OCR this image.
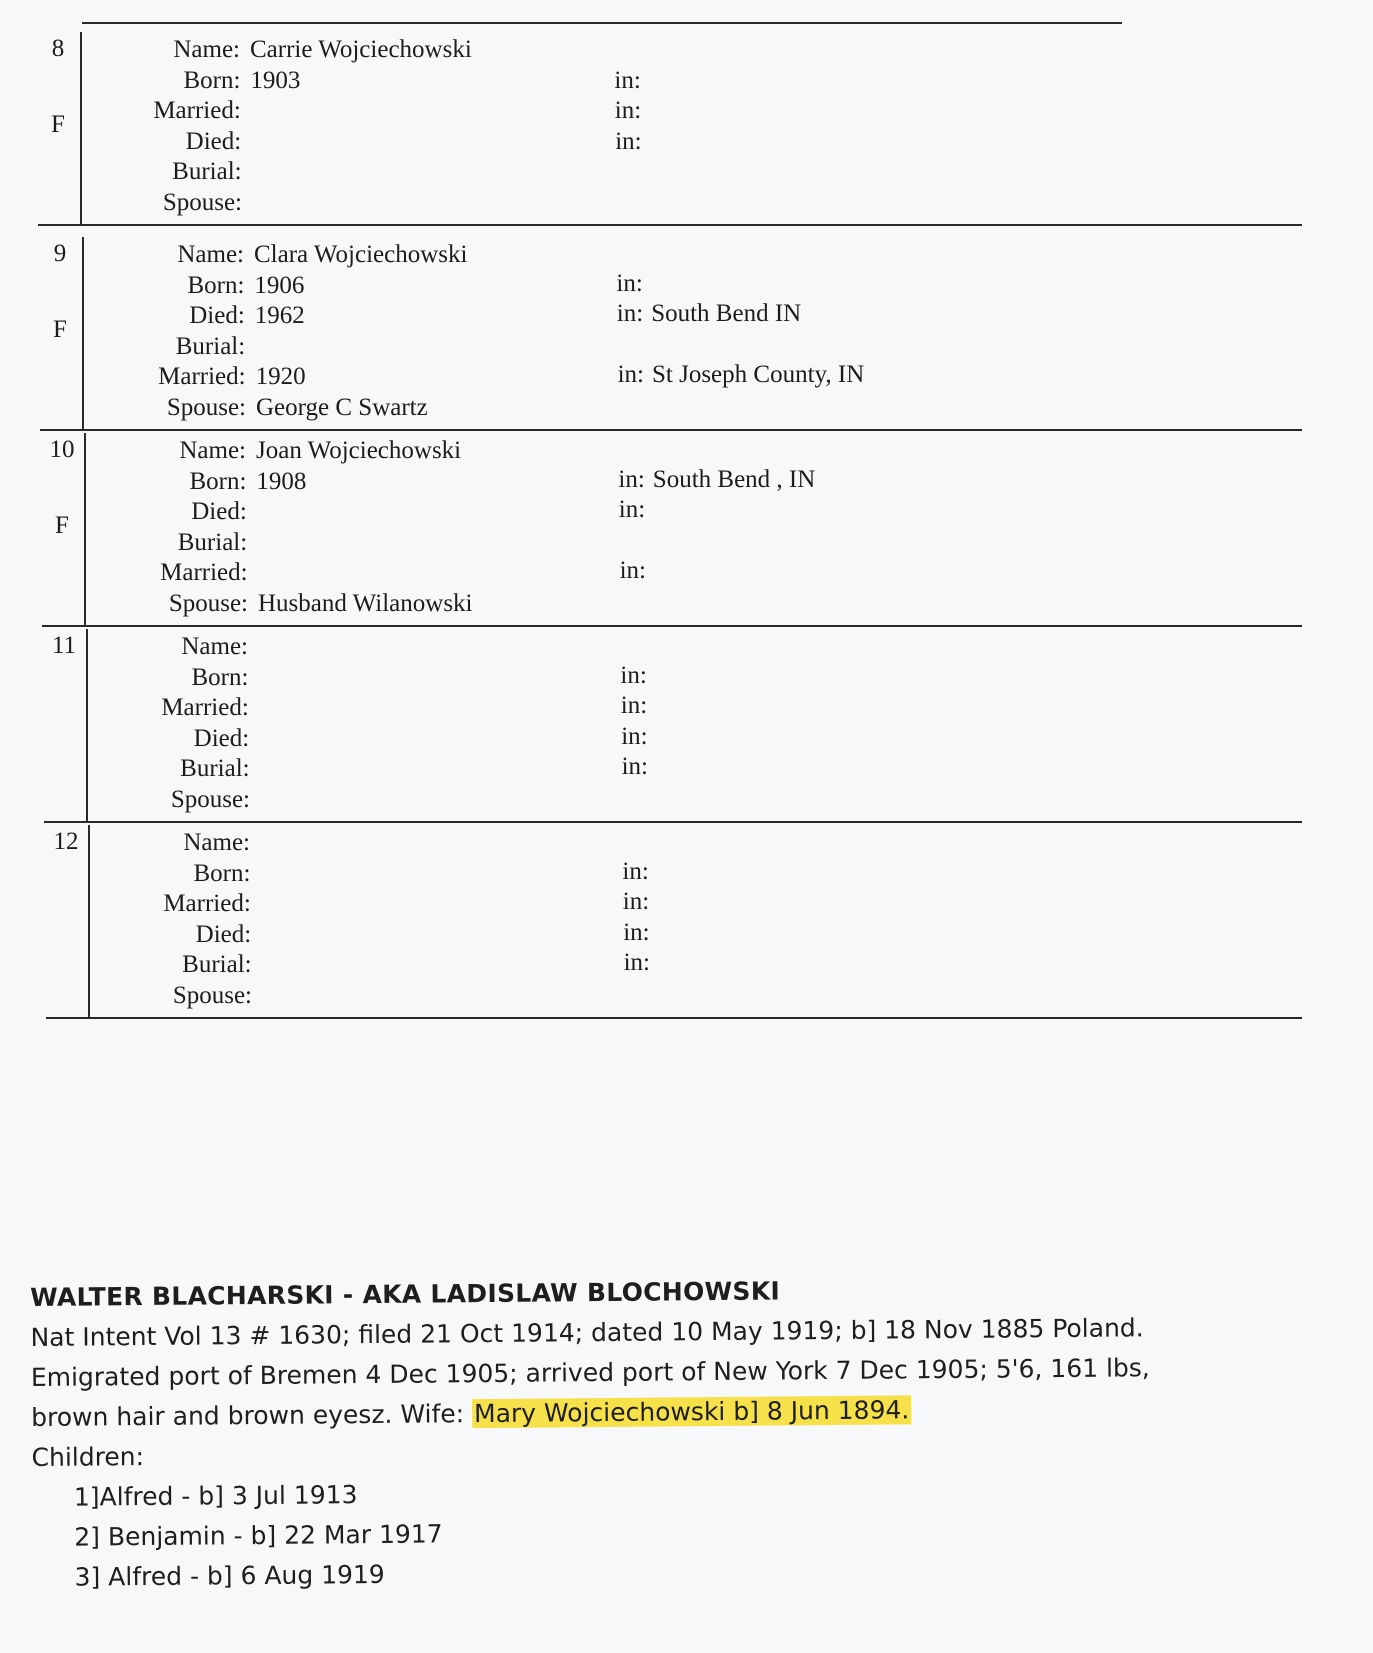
8
F
Name: Carrie Wojciechowski
Born: 1903	in:
Married:	in:
Died:	in:
Burial:
Spouse:
9
F
Name: Clara Wojciechowski
Born: 1906	in:
Died: 1962	in: South Bend IN
Burial:
Married: 1920	in: St Joseph County, IN
Spouse: George C Swartz
10
F
Name: Joan Wojciechowski
Born: 1908	in: South Bend , IN
Died:	in:
Burial:
Married:	in:
Spouse: Husband Wilanowski
11	Name:
Born:	in:
Married:	in:
Died:	in:
Burial:	in:
Spouse:
12	Name:
Born:	in:
Married:	in:
Died:	in:
Burial:	in:
Spouse:
WALTER BLACHARSKI - AKA LADISLAW BLOCHOWSKI
Nat Intent Vol 13 # 1630; filed 21 Oct 1914; dated 10 May 1919; b] 18 Nov 1885 Poland.
Emigrated port of Bremen 4 Dec 1905; arrived port of New York 7 Dec 1905; 5'6, 161 lbs,
brown hair and brown eyesz. Wife: Mary Wojciechowski b] 8 Jun 1894.
Children:
1]Alfred - b] 3 Jul 1913
2] Benjamin - b] 22 Mar 1917
3] Alfred - b] 6 Aug 1919
